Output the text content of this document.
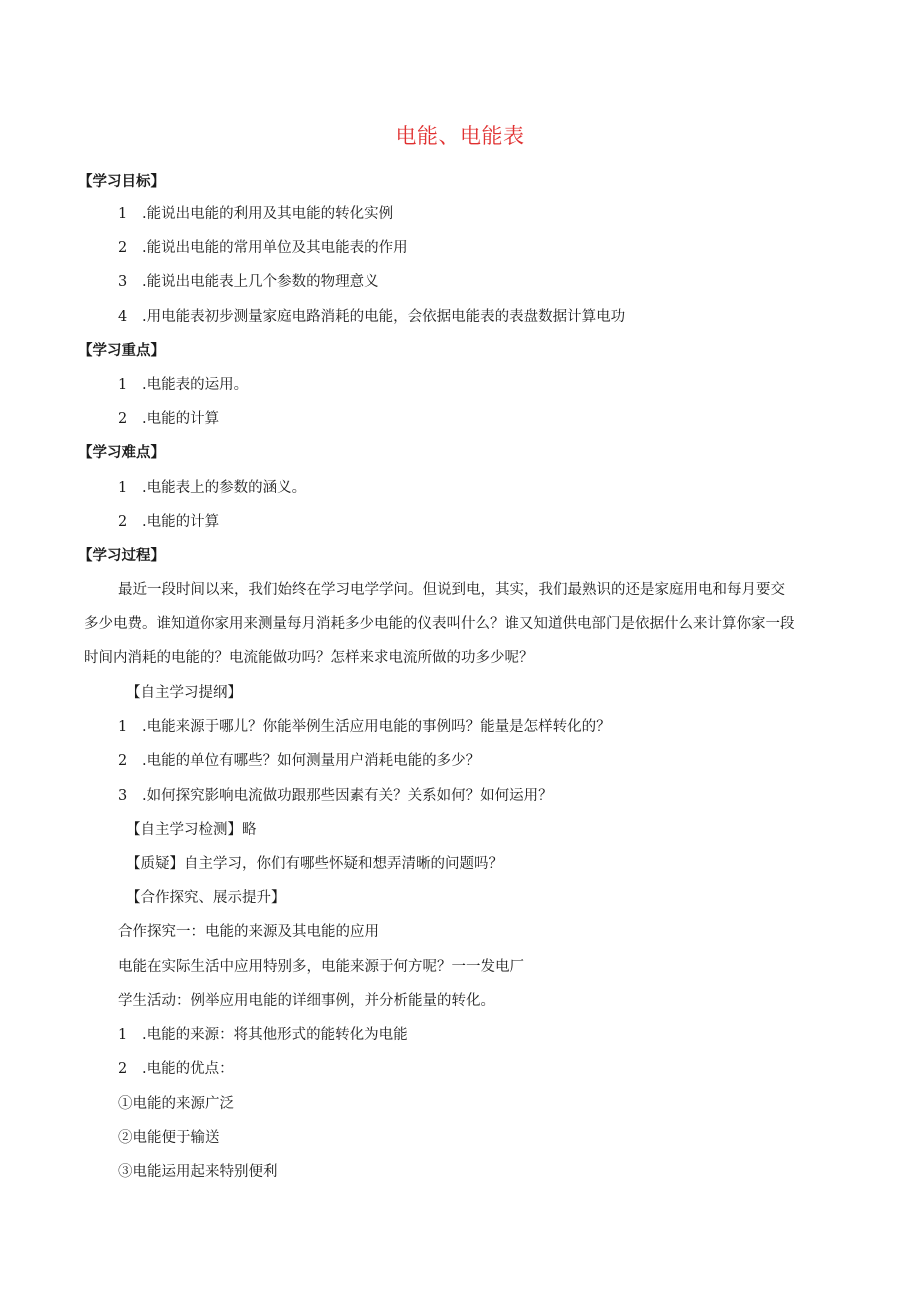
电能、电能表
【学习目标】
1 .能说出电能的利用及其电能的转化实例
2 .能说出电能的常用单位及其电能表的作用
3 .能说出电能表上几个参数的物理意义
4 .用电能表初步测量家庭电路消耗的电能，会依据电能表的表盘数据计算电功
【学习重点】
1 .电能表的运用。
2 .电能的计算
【学习难点】
1 .电能表上的参数的涵义。
2 .电能的计算
【学习过程】
最近一段时间以来，我们始终在学习电学学问。但说到电，其实，我们最熟识的还是家庭用电和每月要交
多少电费。谁知道你家用来测量每月消耗多少电能的仪表叫什么？谁又知道供电部门是依据什么来计算你家一段
时间内消耗的电能的？电流能做功吗？怎样来求电流所做的功多少呢？
【自主学习提纲】
1 .电能来源于哪儿？你能举例生活应用电能的事例吗？能量是怎样转化的？
2 .电能的单位有哪些？如何测量用户消耗电能的多少？
3 .如何探究影响电流做功跟那些因素有关？关系如何？如何运用？
【自主学习检测】略
【质疑】自主学习，你们有哪些怀疑和想弄清晰的问题吗？
【合作探究、展示提升】
合作探究一：电能的来源及其电能的应用
电能在实际生活中应用特别多，电能来源于何方呢？一一发电厂
学生活动：例举应用电能的详细事例，并分析能量的转化。
1 .电能的来源：将其他形式的能转化为电能
2 .电能的优点：
①电能的来源广泛
②电能便于输送
③电能运用起来特别便利
